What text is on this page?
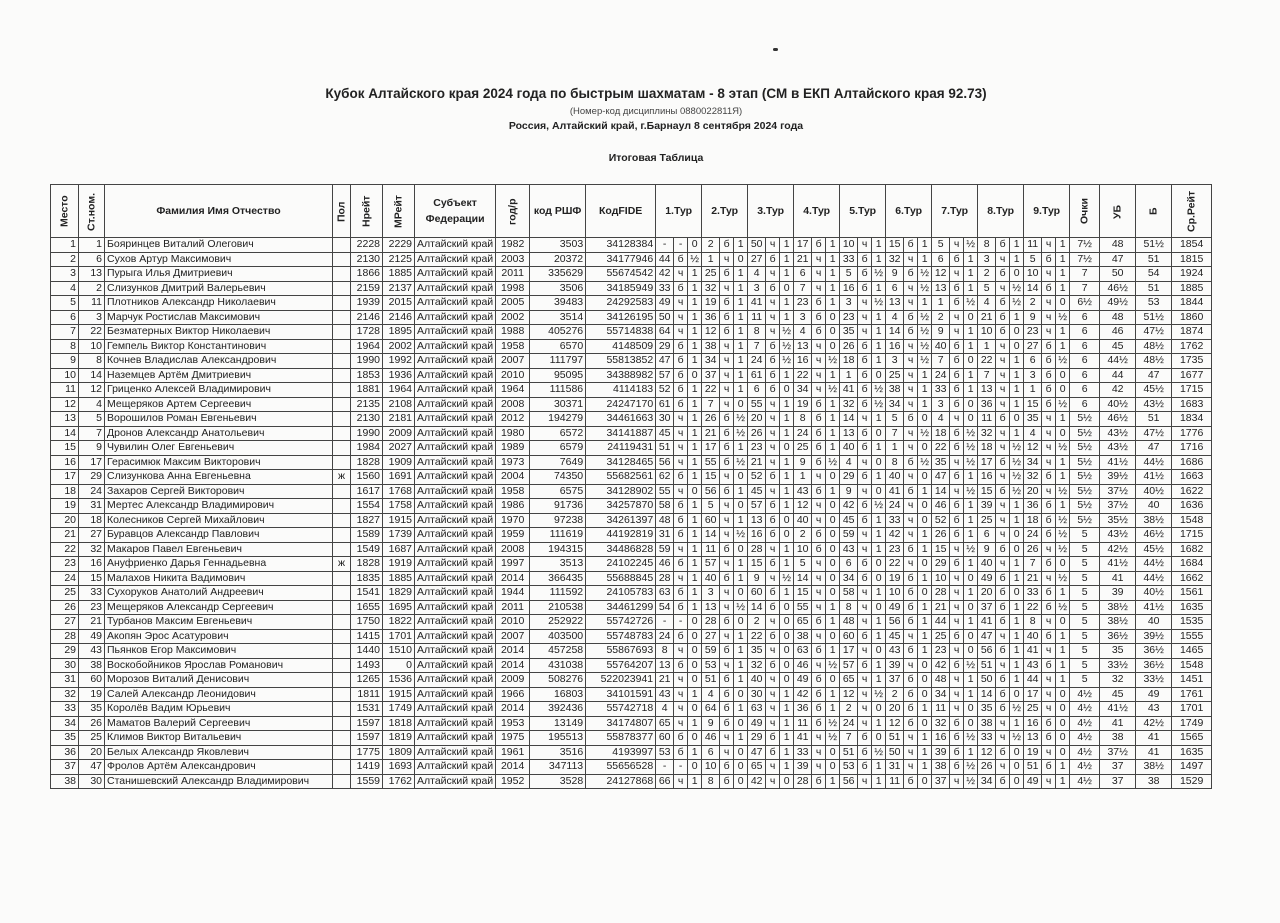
Кубок Алтайского края 2024 года по быстрым шахматам - 8 этап (СМ в ЕКП Алтайского края 92.73)
(Номер-код дисциплины 0880022811Я)
Россия, Алтайский край, г.Барнаул 8 сентября 2024 года
Итоговая Таблица
Место	Ст.ном.	Фамилия Имя Отчество	Пол	Нрейт	МРейт	Субъект Федерации	год/р	код РШФ	КодFIDE	1.Тур			2.Тур			3.Тур			4.Тур			5.Тур			6.Тур			7.Тур			8.Тур			9.Тур			Очки	УБ	Б	Ср.Рейт
1	1	Бояринцев Виталий Олегович		2228	2229	Алтайский край	1982	3503	34128384	-	-	0	2	б	1	50	ч	1	17	б	1	10	ч	1	15	б	1	5	ч	½	8	б	1	11	ч	1	7½	48	51½	1854
2	6	Сухов Артур Максимович		2130	2125	Алтайский край	2003	20372	34177946	44	б	½	1	ч	0	27	б	1	21	ч	1	33	б	1	32	ч	1	6	б	1	3	ч	1	5	б	1	7½	47	51	1815
3	13	Пурыга Илья Дмитриевич		1866	1885	Алтайский край	2011	335629	55674542	42	ч	1	25	б	1	4	ч	1	6	ч	1	5	б	½	9	б	½	12	ч	1	2	б	0	10	ч	1	7	50	54	1924
4	2	Слизунков Дмитрий Валерьевич		2159	2137	Алтайский край	1998	3506	34185949	33	б	1	32	ч	1	3	б	0	7	ч	1	16	б	1	6	ч	½	13	б	1	5	ч	½	14	б	1	7	46½	51	1885
5	11	Плотников Александр Николаевич		1939	2015	Алтайский край	2005	39483	24292583	49	ч	1	19	б	1	41	ч	1	23	б	1	3	ч	½	13	ч	1	1	б	½	4	б	½	2	ч	0	6½	49½	53	1844
6	3	Марчук Ростислав Максимович		2146	2146	Алтайский край	2002	3514	34126195	50	ч	1	36	б	1	11	ч	1	3	б	0	23	ч	1	4	б	½	2	ч	0	21	б	1	9	ч	½	6	48	51½	1860
7	22	Безматерных Виктор Николаевич		1728	1895	Алтайский край	1988	405276	55714838	64	ч	1	12	б	1	8	ч	½	4	б	0	35	ч	1	14	б	½	9	ч	1	10	б	0	23	ч	1	6	46	47½	1874
8	10	Гемпель Виктор Константинович		1964	2002	Алтайский край	1958	6570	4148509	29	б	1	38	ч	1	7	б	½	13	ч	0	26	б	1	16	ч	½	40	б	1	1	ч	0	27	б	1	6	45	48½	1762
9	8	Кочнев Владислав Александрович		1990	1992	Алтайский край	2007	111797	55813852	47	б	1	34	ч	1	24	б	½	16	ч	½	18	б	1	3	ч	½	7	б	0	22	ч	1	6	б	½	6	44½	48½	1735
10	14	Наземцев Артём Дмитриевич		1853	1936	Алтайский край	2010	95095	34388982	57	б	0	37	ч	1	61	б	1	22	ч	1	1	б	0	25	ч	1	24	б	1	7	ч	1	3	б	0	6	44	47	1677
11	12	Гриценко Алексей Владимирович		1881	1964	Алтайский край	1964	111586	4114183	52	б	1	22	ч	1	6	б	0	34	ч	½	41	б	½	38	ч	1	33	б	1	13	ч	1	1	б	0	6	42	45½	1715
12	4	Мещеряков Артем Сергеевич		2135	2108	Алтайский край	2008	30371	24247170	61	б	1	7	ч	0	55	ч	1	19	б	1	32	б	½	34	ч	1	3	б	0	36	ч	1	15	б	½	6	40½	43½	1683
13	5	Ворошилов Роман Евгеньевич		2130	2181	Алтайский край	2012	194279	34461663	30	ч	1	26	б	½	20	ч	1	8	б	1	14	ч	1	5	б	0	4	ч	0	11	б	0	35	ч	1	5½	46½	51	1834
14	7	Дронов Александр Анатольевич		1990	2009	Алтайский край	1980	6572	34141887	45	ч	1	21	б	½	26	ч	1	24	б	1	13	б	0	7	ч	½	18	б	½	32	ч	1	4	ч	0	5½	43½	47½	1776
15	9	Чувилин Олег Евгеньевич		1984	2027	Алтайский край	1989	6579	24119431	51	ч	1	17	б	1	23	ч	0	25	б	1	40	б	1	1	ч	0	22	б	½	18	ч	½	12	ч	½	5½	43½	47	1716
16	17	Герасимюк Максим Викторович		1828	1909	Алтайский край	1973	7649	34128465	56	ч	1	55	б	½	21	ч	1	9	б	½	4	ч	0	8	б	½	35	ч	½	17	б	½	34	ч	1	5½	41½	44½	1686
17	29	Слизункова Анна Евгеньевна	ж	1560	1691	Алтайский край	2004	74350	55682561	62	б	1	15	ч	0	52	б	1	1	ч	0	29	б	1	40	ч	0	47	б	1	16	ч	½	32	б	1	5½	39½	41½	1663
18	24	Захаров Сергей Викторович		1617	1768	Алтайский край	1958	6575	34128902	55	ч	0	56	б	1	45	ч	1	43	б	1	9	ч	0	41	б	1	14	ч	½	15	б	½	20	ч	½	5½	37½	40½	1622
19	31	Мертес Александр Владимирович		1554	1758	Алтайский край	1986	91736	34257870	58	б	1	5	ч	0	57	б	1	12	ч	0	42	б	½	24	ч	0	46	б	1	39	ч	1	36	б	1	5½	37½	40	1636
20	18	Колесников Сергей Михайлович		1827	1915	Алтайский край	1970	97238	34261397	48	б	1	60	ч	1	13	б	0	40	ч	0	45	б	1	33	ч	0	52	б	1	25	ч	1	18	б	½	5½	35½	38½	1548
21	27	Буравцов Александр Павлович		1589	1739	Алтайский край	1959	111619	44192819	31	б	1	14	ч	½	16	б	0	2	б	0	59	ч	1	42	ч	1	26	б	1	6	ч	0	24	б	½	5	43½	46½	1715
22	32	Макаров Павел Евгеньевич		1549	1687	Алтайский край	2008	194315	34486828	59	ч	1	11	б	0	28	ч	1	10	б	0	43	ч	1	23	б	1	15	ч	½	9	б	0	26	ч	½	5	42½	45½	1682
23	16	Ануфриенко Дарья Геннадьевна	ж	1828	1919	Алтайский край	1997	3513	24102245	46	б	1	57	ч	1	15	б	1	5	ч	0	6	б	0	22	ч	0	29	б	1	40	ч	1	7	б	0	5	41½	44½	1684
24	15	Малахов Никита Вадимович		1835	1885	Алтайский край	2014	366435	55688845	28	ч	1	40	б	1	9	ч	½	14	ч	0	34	б	0	19	б	1	10	ч	0	49	б	1	21	ч	½	5	41	44½	1662
25	33	Сухоруков Анатолий Андреевич		1541	1829	Алтайский край	1944	111592	24105783	63	б	1	3	ч	0	60	б	1	15	ч	0	58	ч	1	10	б	0	28	ч	1	20	б	0	33	б	1	5	39	40½	1561
26	23	Мещеряков Александр Сергеевич		1655	1695	Алтайский край	2011	210538	34461299	54	б	1	13	ч	½	14	б	0	55	ч	1	8	ч	0	49	б	1	21	ч	0	37	б	1	22	б	½	5	38½	41½	1635
27	21	Турбанов Максим Евгеньевич		1750	1822	Алтайский край	2010	252922	55742726	-	-	0	28	б	0	2	ч	0	65	б	1	48	ч	1	56	б	1	44	ч	1	41	б	1	8	ч	0	5	38½	40	1535
28	49	Акопян Эрос Асатурович		1415	1701	Алтайский край	2007	403500	55748783	24	б	0	27	ч	1	22	б	0	38	ч	0	60	б	1	45	ч	1	25	б	0	47	ч	1	40	б	1	5	36½	39½	1555
29	43	Пьянков Егор Максимович		1440	1510	Алтайский край	2014	457258	55867693	8	ч	0	59	б	1	35	ч	0	63	б	1	17	ч	0	43	б	1	23	ч	0	56	б	1	41	ч	1	5	35	36½	1465
30	38	Воскобойников Ярослав Романович		1493	0	Алтайский край	2014	431038	55764207	13	б	0	53	ч	1	32	б	0	46	ч	½	57	б	1	39	ч	0	42	б	½	51	ч	1	43	б	1	5	33½	36½	1548
31	60	Морозов Виталий Денисович		1265	1536	Алтайский край	2009	508276	522023941	21	ч	0	51	б	1	40	ч	0	49	б	0	65	ч	1	37	б	0	48	ч	1	50	б	1	44	ч	1	5	32	33½	1451
32	19	Салей Александр Леонидович		1811	1915	Алтайский край	1966	16803	34101591	43	ч	1	4	б	0	30	ч	1	42	б	1	12	ч	½	2	б	0	34	ч	1	14	б	0	17	ч	0	4½	45	49	1761
33	35	Королёв Вадим Юрьевич		1531	1749	Алтайский край	2014	392436	55742718	4	ч	0	64	б	1	63	ч	1	36	б	1	2	ч	0	20	б	1	11	ч	0	35	б	½	25	ч	0	4½	41½	43	1701
34	26	Маматов Валерий Сергеевич		1597	1818	Алтайский край	1953	13149	34174807	65	ч	1	9	б	0	49	ч	1	11	б	½	24	ч	1	12	б	0	32	б	0	38	ч	1	16	б	0	4½	41	42½	1749
35	25	Климов Виктор Витальевич		1597	1819	Алтайский край	1975	195513	55878377	60	б	0	46	ч	1	29	б	1	41	ч	½	7	б	0	51	ч	1	16	б	½	33	ч	½	13	б	0	4½	38	41	1565
36	20	Белых Александр Яковлевич		1775	1809	Алтайский край	1961	3516	4193997	53	б	1	6	ч	0	47	б	1	33	ч	0	51	б	½	50	ч	1	39	б	1	12	б	0	19	ч	0	4½	37½	41	1635
37	47	Фролов Артём Александрович		1419	1693	Алтайский край	2014	347113	55656528	-	-	0	10	б	0	65	ч	1	39	ч	0	53	б	1	31	ч	1	38	б	½	26	ч	0	51	б	1	4½	37	38½	1497
38	30	Станишевский Александр Владимирович		1559	1762	Алтайский край	1952	3528	24127868	66	ч	1	8	б	0	42	ч	0	28	б	1	56	ч	1	11	б	0	37	ч	½	34	б	0	49	ч	1	4½	37	38	1529
